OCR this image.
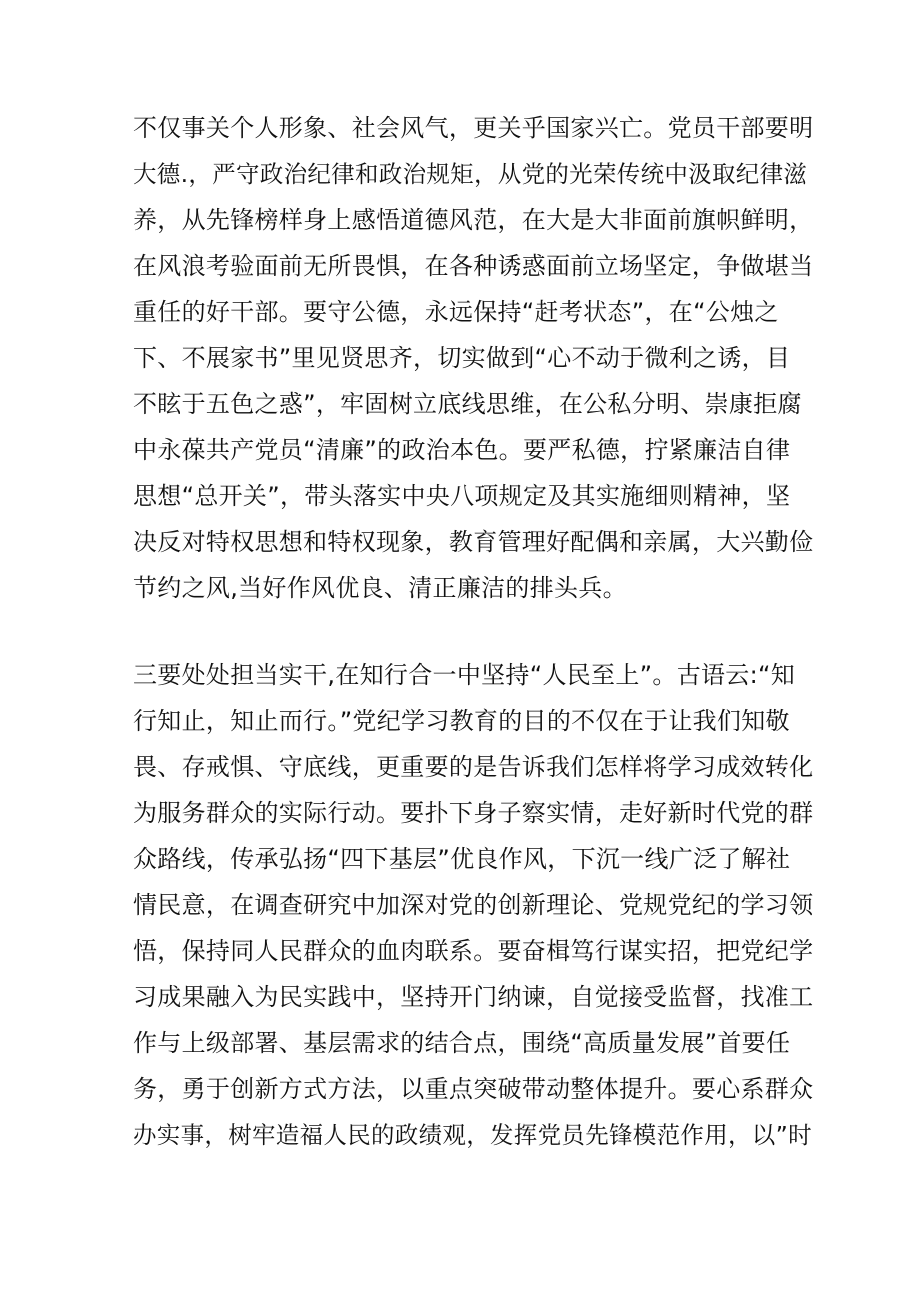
不仅事关个人形象、社会风气，更关乎国家兴亡。党员干部要明
大德.，严守政治纪律和政治规矩，从党的光荣传统中汲取纪律滋
养，从先锋榜样身上感悟道德风范，在大是大非面前旗帜鲜明，
在风浪考验面前无所畏惧，在各种诱惑面前立场坚定，争做堪当
重任的好干部。要守公德，永远保持“赶考状态”，在“公烛之
下、不展家书”里见贤思齐，切实做到“心不动于微利之诱，目
不眩于五色之惑”，牢固树立底线思维，在公私分明、崇康拒腐
中永葆共产党员“清廉”的政治本色。要严私德，拧紧廉洁自律
思想“总开关”，带头落实中央八项规定及其实施细则精神，坚
决反对特权思想和特权现象，教育管理好配偶和亲属，大兴勤俭
节约之风,当好作风优良、清正廉洁的排头兵。
三要处处担当实干,在知行合一中坚持“人民至上”。古语云:“知
行知止，知止而行。”党纪学习教育的目的不仅在于让我们知敬
畏、存戒惧、守底线，更重要的是告诉我们怎样将学习成效转化
为服务群众的实际行动。要扑下身子察实情，走好新时代党的群
众路线，传承弘扬“四下基层”优良作风，下沉一线广泛了解社
情民意，在调查研究中加深对党的创新理论、党规党纪的学习领
悟，保持同人民群众的血肉联系。要奋楫笃行谋实招，把党纪学
习成果融入为民实践中，坚持开门纳谏，自觉接受监督，找准工
作与上级部署、基层需求的结合点，围绕“高质量发展”首要任
务，勇于创新方式方法，以重点突破带动整体提升。要心系群众
办实事，树牢造福人民的政绩观，发挥党员先锋模范作用，以”时
